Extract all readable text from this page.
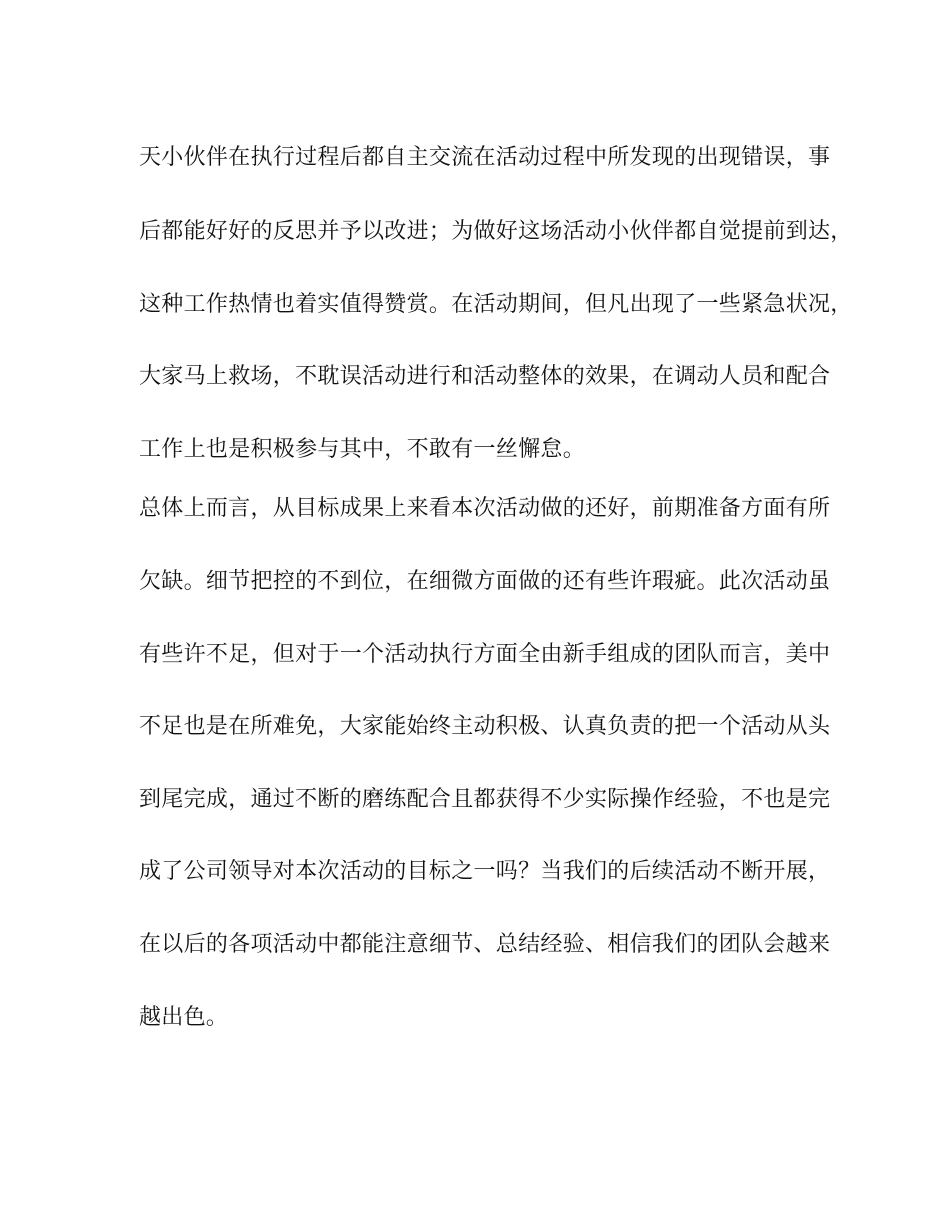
天小伙伴在执行过程后都自主交流在活动过程中所发现的出现错误，事
后都能好好的反思并予以改进；为做好这场活动小伙伴都自觉提前到达，
这种工作热情也着实值得赞赏。在活动期间，但凡出现了一些紧急状况，
大家马上救场，不耽误活动进行和活动整体的效果，在调动人员和配合
工作上也是积极参与其中，不敢有一丝懈怠。
总体上而言，从目标成果上来看本次活动做的还好，前期准备方面有所
欠缺。细节把控的不到位，在细微方面做的还有些许瑕疵。此次活动虽
有些许不足，但对于一个活动执行方面全由新手组成的团队而言，美中
不足也是在所难免，大家能始终主动积极、认真负责的把一个活动从头
到尾完成，通过不断的磨练配合且都获得不少实际操作经验，不也是完
成了公司领导对本次活动的目标之一吗？当我们的后续活动不断开展，
在以后的各项活动中都能注意细节、总结经验、相信我们的团队会越来
越出色。
